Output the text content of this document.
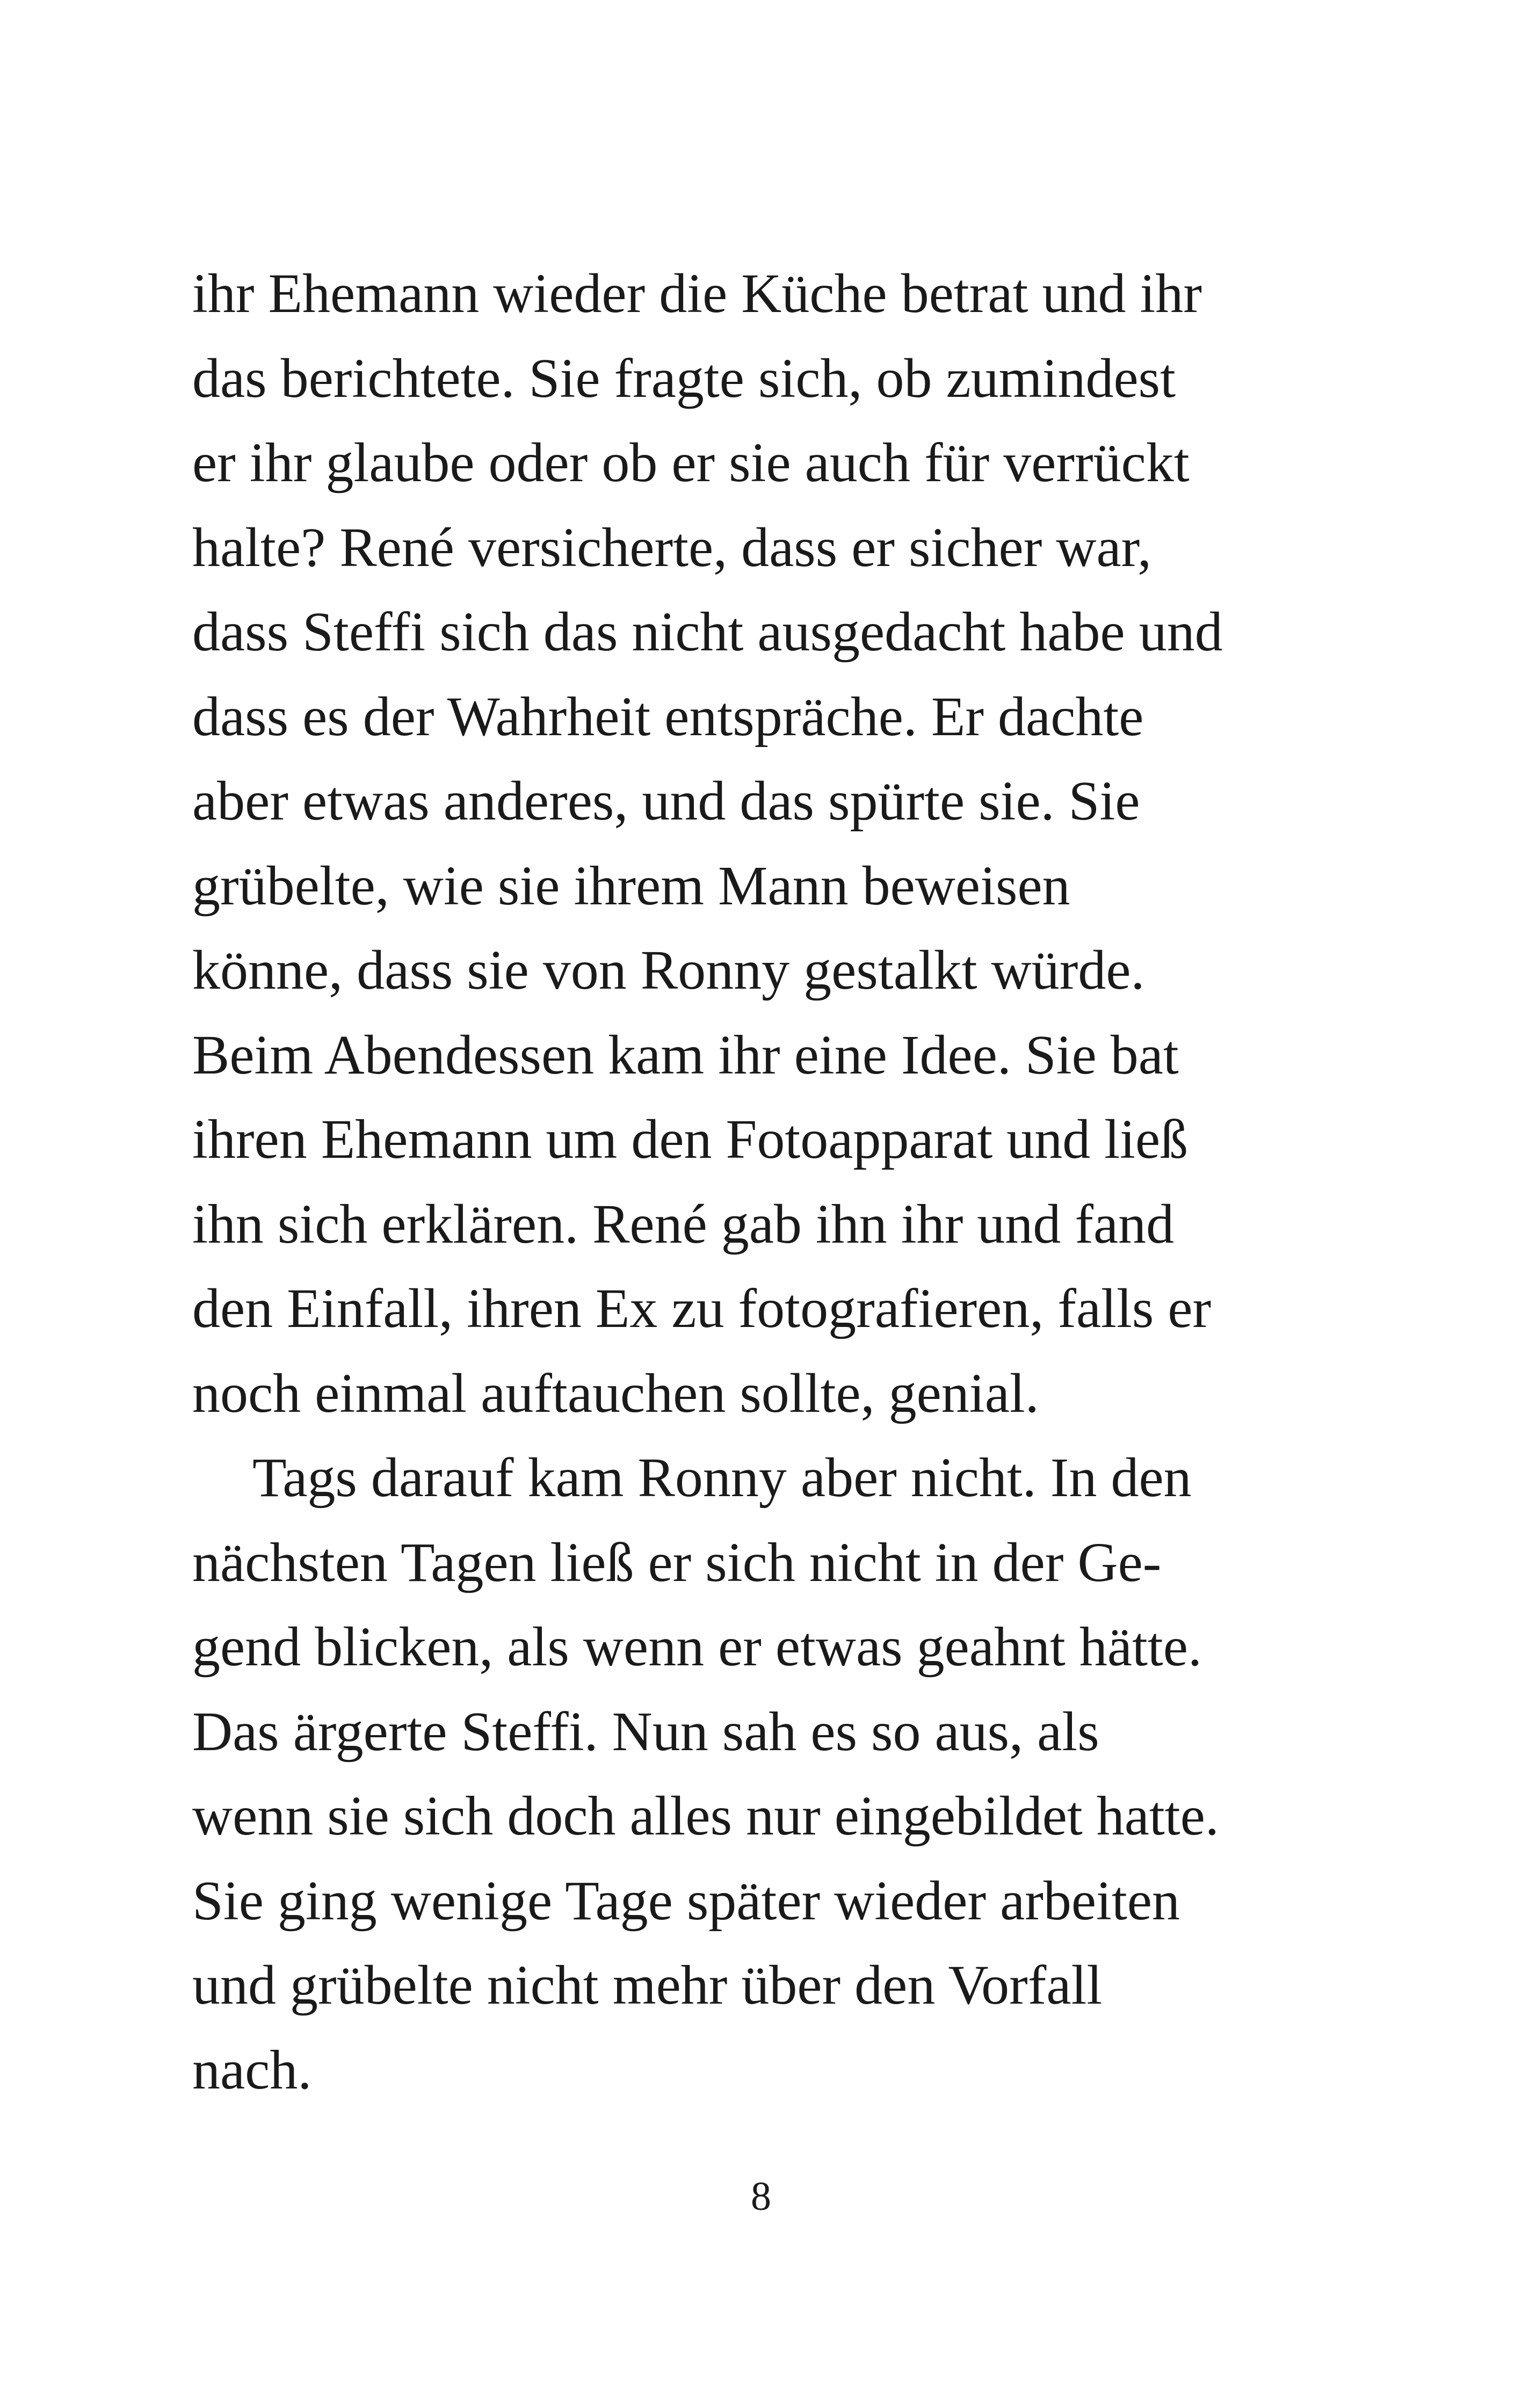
ihr Ehemann wieder die Küche betrat und ihr
das berichtete. Sie fragte sich, ob zumindest
er ihr glaube oder ob er sie auch für verrückt
halte? René versicherte, dass er sicher war,
dass Steffi sich das nicht ausgedacht habe und
dass es der Wahrheit entspräche. Er dachte
aber etwas anderes, und das spürte sie. Sie
grübelte, wie sie ihrem Mann beweisen
könne, dass sie von Ronny gestalkt würde.
Beim Abendessen kam ihr eine Idee. Sie bat
ihren Ehemann um den Fotoapparat und ließ
ihn sich erklären. René gab ihn ihr und fand
den Einfall, ihren Ex zu fotografieren, falls er
noch einmal auftauchen sollte, genial.
Tags darauf kam Ronny aber nicht. In den
nächsten Tagen ließ er sich nicht in der Ge-
gend blicken, als wenn er etwas geahnt hätte.
Das ärgerte Steffi. Nun sah es so aus, als
wenn sie sich doch alles nur eingebildet hatte.
Sie ging wenige Tage später wieder arbeiten
und grübelte nicht mehr über den Vorfall
nach.
8
